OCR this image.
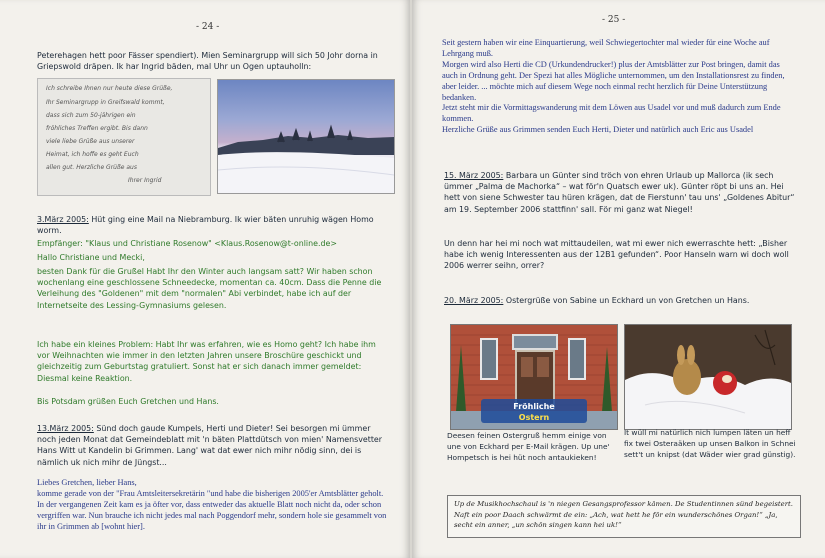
- 24 -

Peterehagen hett poor Fässer spendiert). Mien Seminargrupp will sich 50 Johr dorna in Griepswold dräpen. Ik har Ingrid bäden, mal Uhr un Ogen uptauholln:

Ich schreibe Ihnen nur heute diese Grüße,
Ihr Seminargrupp in Greifswald kommt,
dass sich zum 50-jährigen ein
fröhliches Treffen ergibt. Bis dann
viele liebe Grüße aus unserer
Heimat, ich hoffe es geht Euch
allen gut. Herzliche Grüße aus
Ihrer Ingrid

3.März 2005: Hüt ging eine Mail na Niebramburg. Ik wier bäten unruhig wägen Homo worm.

Empfänger: "Klaus und Christiane Rosenow" <Klaus.Rosenow@t-online.de>

Hallo Christiane und Mecki,

besten Dank für die Grußel Habt Ihr den Winter auch langsam satt? Wir haben schon wochenlang eine geschlossene Schneedecke, momentan ca. 40cm. Dass die Penne die Verleihung des "Goldenen" mit dem "normalen" Abi verbindet, habe ich auf der Internetseite des Lessing-Gymnasiums gelesen.

Ich habe ein kleines Problem: Habt Ihr was erfahren, wie es Homo geht? Ich habe ihm vor Weihnachten wie immer in den letzten Jahren unsere Broschüre geschickt und gleichzeitig zum Geburtstag gratuliert. Sonst hat er sich danach immer gemeldet: Diesmal keine Reaktion.

Bis Potsdam grüßen Euch Gretchen und Hans.

13.März 2005: Sünd doch gaude Kumpels, Herti und Dieter! Sei besorgen mi ümmer noch jeden Monat dat Gemeindeblatt mit 'n bäten Plattdütsch von mien' Namensvetter Hans Witt ut Kandelin bi Grimmen. Lang' wat dat ewer nich mihr nödig sinn, dei is nämlich uk nich mihr de Jüngst...

Liebes Gretchen, lieber Hans,
komme gerade von der "Frau Amtsleitersekretärin "und habe die bisherigen 2005'er Amtsblätter geholt. In der vergangenen Zeit kam es ja öfter vor, dass entweder das aktuelle Blatt noch nicht da, oder schon vergriffen war. Nun brauche ich nicht jedes mal nach Poggendorf mehr, sondern hole sie gesammelt von ihr in Grimmen ab [wohnt hier].

- 25 -

Seit gestern haben wir eine Einquartierung, weil Schwiegertochter mal wieder für eine Woche auf Lehrgang muß.
Morgen wird also Herti die CD (Urkundendrucker!) plus der Amtsblätter zur Post bringen, damit das auch in Ordnung geht. Der Spezi hat alles Mögliche unternommen, um den Installationsrest zu finden, aber leider. ... möchte mich auf diesem Wege noch einmal recht herzlich für Deine Unterstützung bedanken.
Jetzt steht mir die Vormittagswanderung mit dem Löwen aus Usadel vor und muß dadurch zum Ende kommen.
Herzliche Grüße aus Grimmen senden Euch Herti, Dieter und natürlich auch Eric aus Usadel

15. März 2005: Barbara un Günter sind tröch von ehren Urlaub up Mallorca (ik sech ümmer „Palma de Machorka“ – wat för'n Quatsch ewer uk). Günter röpt bi uns an. Hei hett von siene Schwester tau hüren krägen, dat de Fierstunn' tau uns' „Goldenes Abitur“ am 19. September 2006 stattfinn' sall. För mi ganz wat Niegel!

Un denn har hei mi noch wat mittaudeilen, wat mi ewer nich ewerraschte hett: „Bisher habe ich wenig Interessenten aus der 12B1 gefunden“. Poor Hanseln warn wi doch woll 2006 werrer seihn, orrer?

20. März 2005: Ostergrüße von Sabine un Eckhard un von Gretchen un Hans.

Fröhliche
Ostern

Deesen feinen Ostergruß hemm einige von une von Eckhard per E-Mail krägen. Up une' Hompetsch is hei hüt noch antaukieken!

It wüll mi natürlich nich lumpen läten un heff fix twei Osteraäken up unsen Balkon in Schnei sett't un knipst (dat Wäder wier grad günstig).

Up de Musikhochschaul is 'n niegen Gesangsprofessor kämen. De Studentinnen sünd begeistert. Naft ein poor Daach schwärmt de ein: „Ach, wat hett he för ein wunderschönes Organ!“ „Ja, secht ein anner, „un schön singen kann hei uk!“
